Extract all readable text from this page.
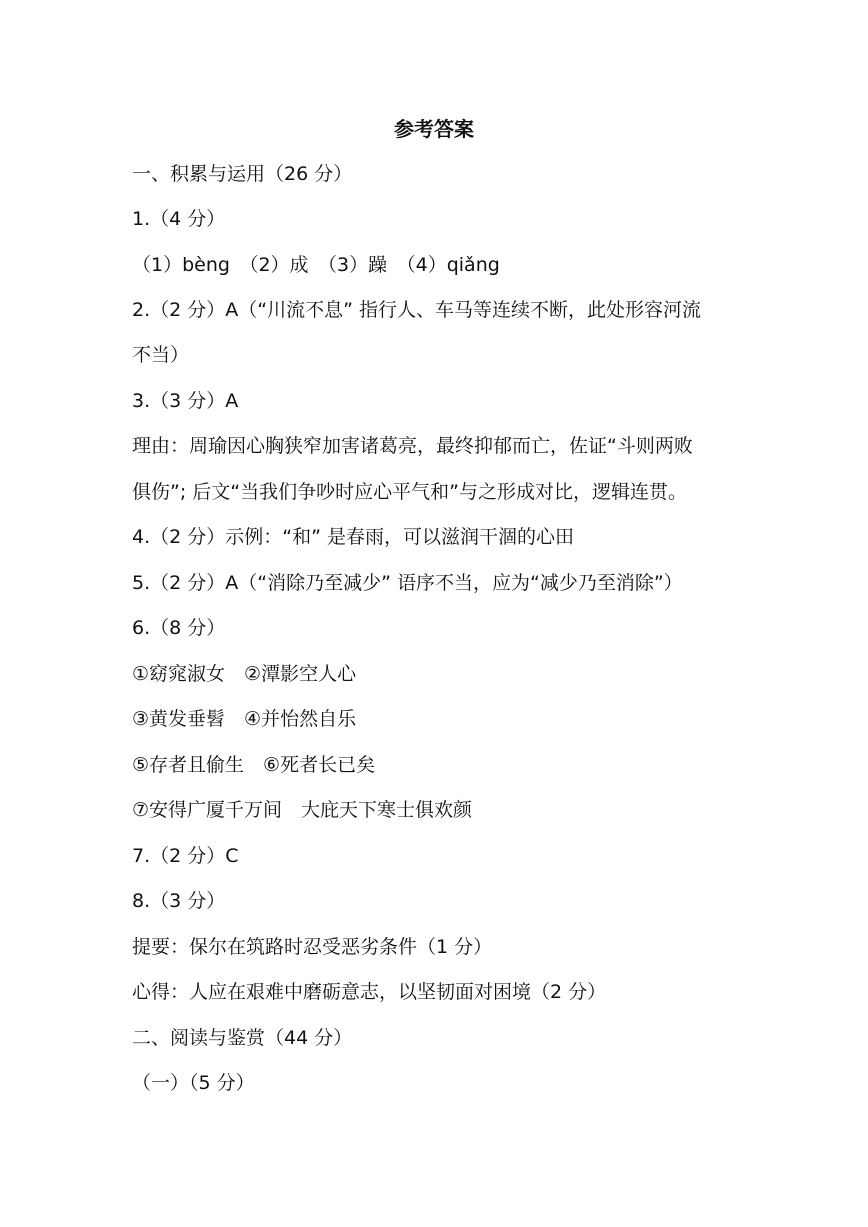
参考答案
一、积累与运用（26 分）
1.（4 分）
（1）bèng　（2）成　（3）躁　（4）qiǎng
2.（2 分）A（“川流不息” 指行人、车马等连续不断，此处形容河流
不当）
3.（3 分）A
理由：周瑜因心胸狭窄加害诸葛亮，最终抑郁而亡，佐证“斗则两败
俱伤”; 后文“当我们争吵时应心平气和”与之形成对比，逻辑连贯。
4.（2 分）示例：“和” 是春雨，可以滋润干涸的心田
5.（2 分）A（“消除乃至减少” 语序不当，应为“减少乃至消除”）
6.（8 分）
①窈窕淑女　②潭影空人心
③黄发垂髫　④并怡然自乐
⑤存者且偷生　⑥死者长已矣
⑦安得广厦千万间　大庇天下寒士俱欢颜
7.（2 分）C
8.（3 分）
提要：保尔在筑路时忍受恶劣条件（1 分）
心得：人应在艰难中磨砺意志，以坚韧面对困境（2 分）
二、阅读与鉴赏（44 分）
（一）（5 分）
